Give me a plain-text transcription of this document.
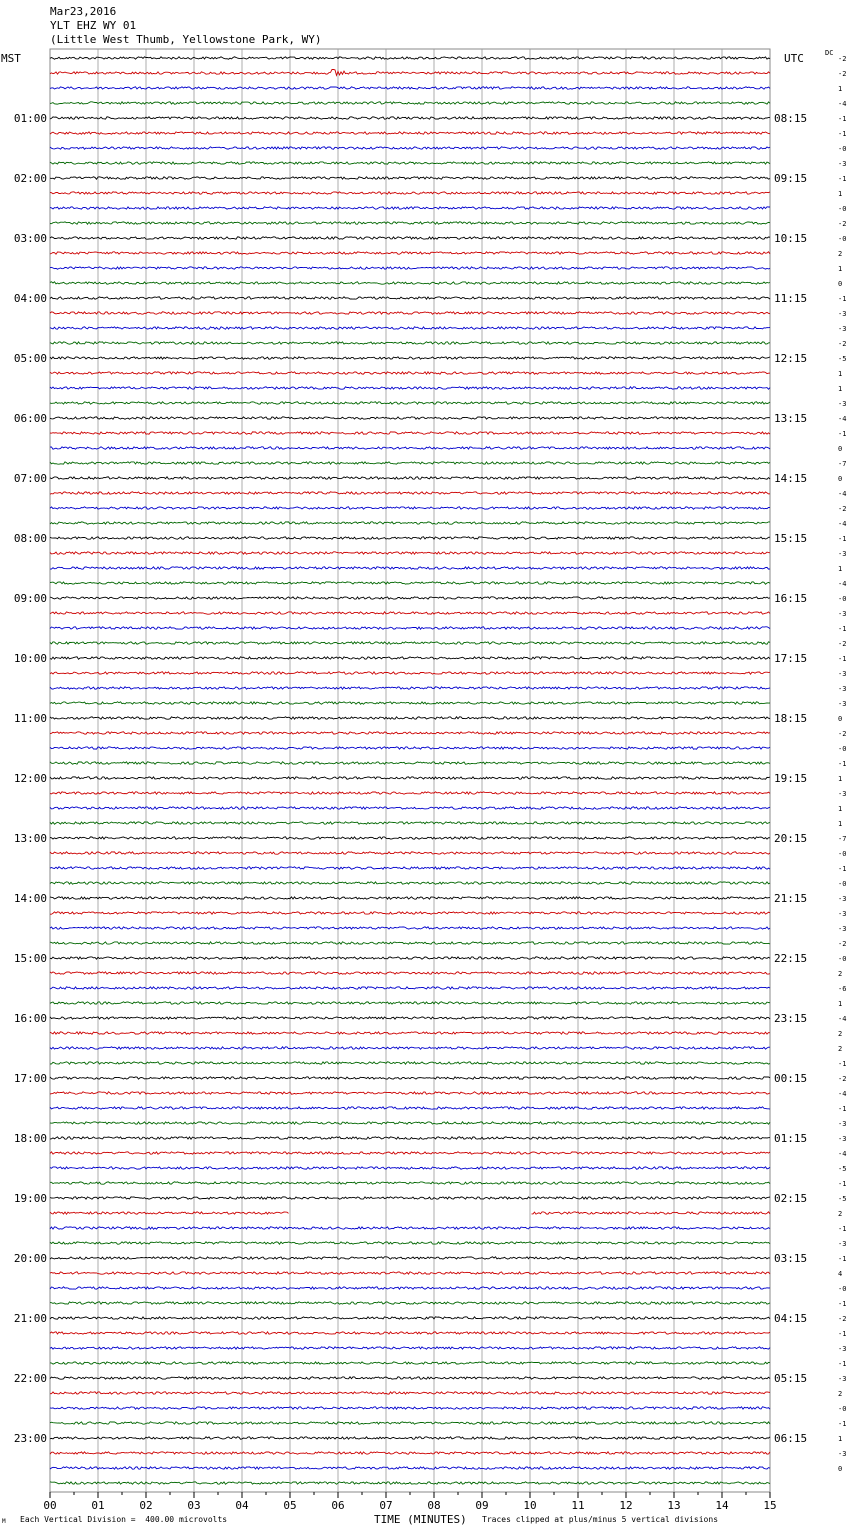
Mar23,2016
YLT EHZ WY 01
(Little West Thumb, Yellowstone Park, WY)
MST	UTC	DC
-2
-2
1
-4
-1
-1
-0
-3
-1
1
-0
-2
-0
2
1
0
-1
-3
-3
-2
-5
1
1
-3
-4
-1
0
-7
0
-4
-2
-4
-1
-3
1
-4
-0
-3
-1
-2
-1
-3
-3
-3
0
-2
-0
-1
1
-3
1
1
-7
-0
-1
-0
-3
-3
-3
-2
-0
2
-6
1
-4
2
2
-1
-2
-4
-1
-3
-3
-4
-5
-1
-5
2
-1
-3
-1
4
-0
-1
-2
-1
-3
-1
-3
2
-0
-1
1
-3
0
01:00	08:15
02:00	09:15
03:00	10:15
04:00	11:15
05:00	12:15
06:00	13:15
07:00	14:15
08:00	15:15
09:00	16:15
10:00	17:15
11:00	18:15
12:00	19:15
13:00	20:15
14:00	21:15
15:00	22:15
16:00	23:15
17:00	00:15
18:00	01:15
19:00	02:15
20:00	03:15
21:00	04:15
22:00	05:15
23:00	06:15
00	01	02	03	04	05	06	07	08	09	10	11	12	13	14	15
TIME (MINUTES)
Each Vertical Division =  400.00 microvolts	Traces clipped at plus/minus 5 vertical divisions
M
